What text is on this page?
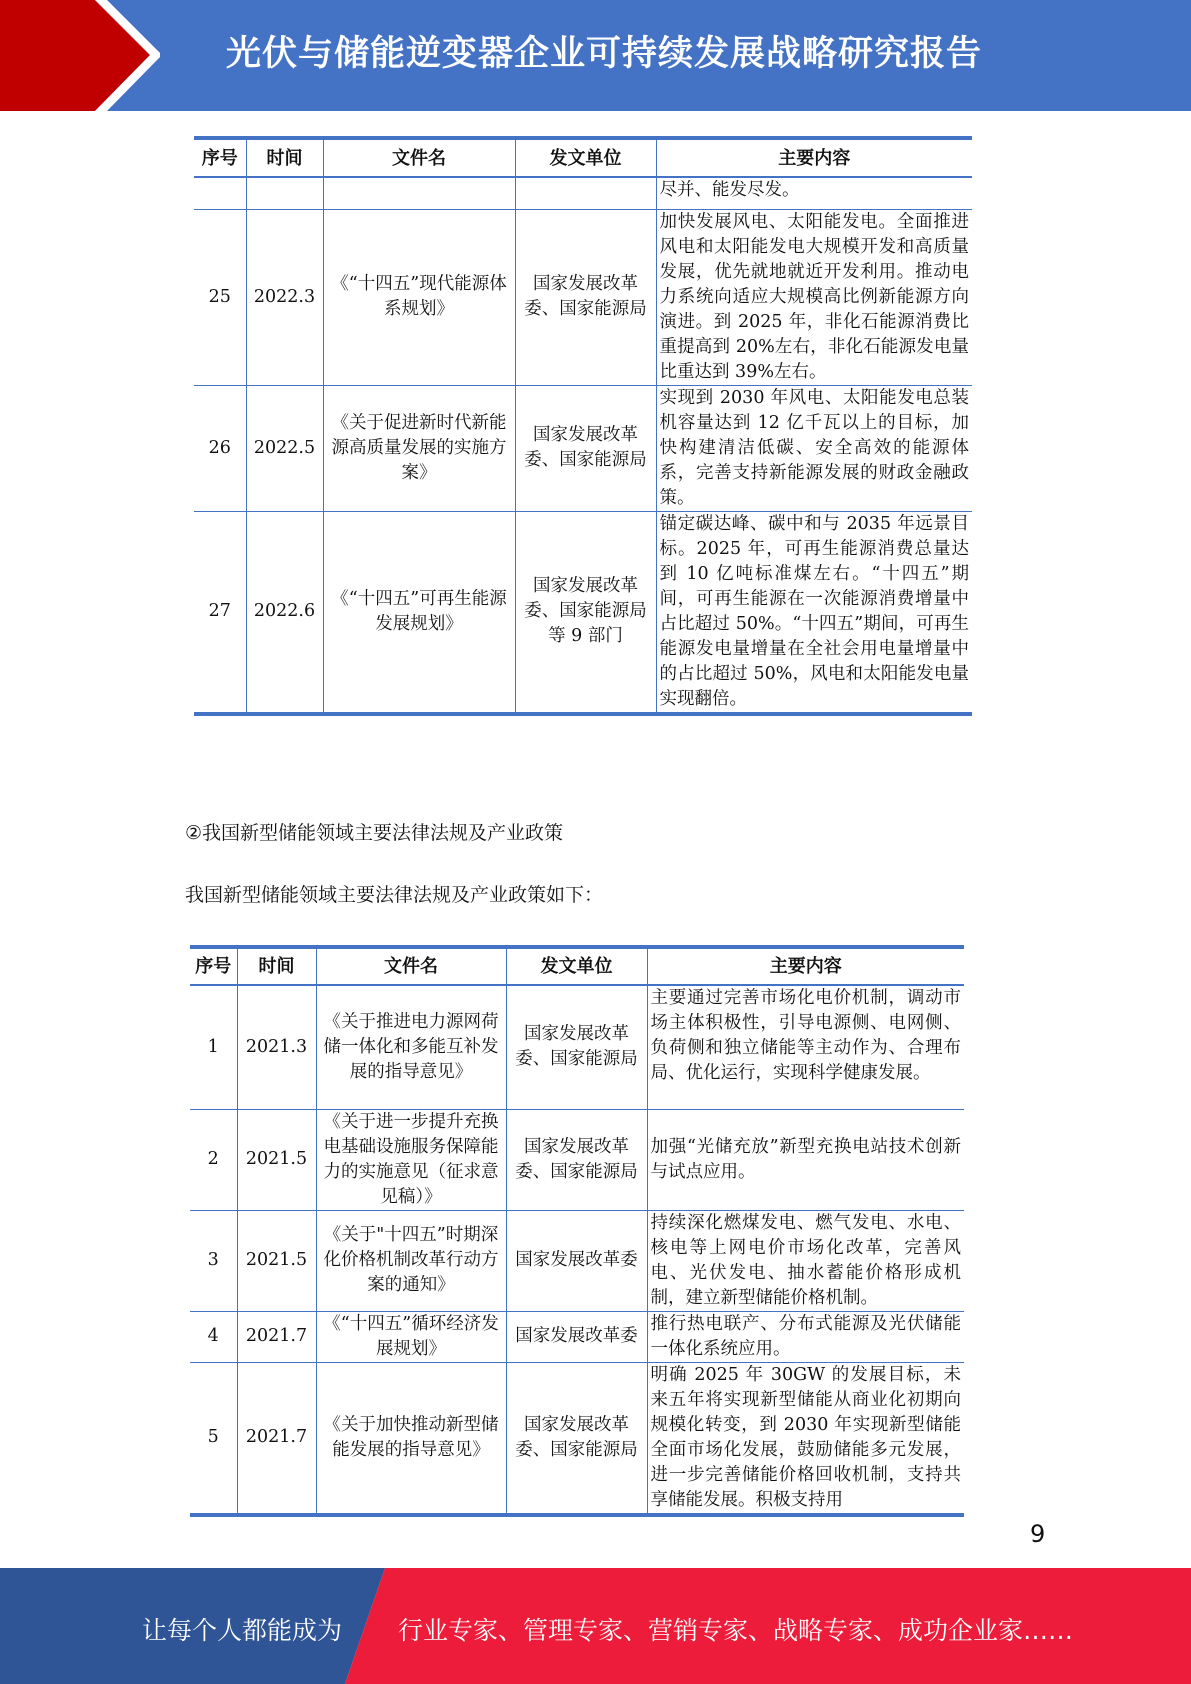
光伏与储能逆变器企业可持续发展战略研究报告
序号	时间	文件名	发文单位	主要内容
				尽并、能发尽发。
25	2022.3	《“十四五”现代能源体系规划》	国家发展改革委、国家能源局	加快发展风电、太阳能发电。全面推进风电和太阳能发电大规模开发和高质量发展，优先就地就近开发利用。推动电力系统向适应大规模高比例新能源方向演进。到 2025 年，非化石能源消费比重提高到 20%左右，非化石能源发电量比重达到 39%左右。
26	2022.5	《关于促进新时代新能源高质量发展的实施方案》	国家发展改革委、国家能源局	实现到 2030 年风电、太阳能发电总装机容量达到 12 亿千瓦以上的目标，加快构建清洁低碳、安全高效的能源体系，完善支持新能源发展的财政金融政策。
27	2022.6	《“十四五”可再生能源发展规划》	国家发展改革委、国家能源局等 9 部门	锚定碳达峰、碳中和与 2035 年远景目标。2025 年，可再生能源消费总量达到 10 亿吨标准煤左右。“十四五”期间，可再生能源在一次能源消费增量中占比超过 50%。“十四五”期间，可再生能源发电量增量在全社会用电量增量中的占比超过 50%，风电和太阳能发电量实现翻倍。
②我国新型储能领域主要法律法规及产业政策
我国新型储能领域主要法律法规及产业政策如下：
序号	时间	文件名	发文单位	主要内容
1	2021.3	《关于推进电力源网荷储一体化和多能互补发展的指导意见》	国家发展改革委、国家能源局	主要通过完善市场化电价机制，调动市场主体积极性，引导电源侧、电网侧、负荷侧和独立储能等主动作为、合理布局、优化运行，实现科学健康发展。
2	2021.5	《关于进一步提升充换电基础设施服务保障能力的实施意见（征求意见稿）》	国家发展改革委、国家能源局	加强“光储充放”新型充换电站技术创新与试点应用。
3	2021.5	《关于"十四五”时期深化价格机制改革行动方案的通知》	国家发展改革委	持续深化燃煤发电、燃气发电、水电、核电等上网电价市场化改革，完善风电、光伏发电、抽水蓄能价格形成机制，建立新型储能价格机制。
4	2021.7	《“十四五”循环经济发展规划》	国家发展改革委	推行热电联产、分布式能源及光伏储能一体化系统应用。
5	2021.7	《关于加快推动新型储能发展的指导意见》	国家发展改革委、国家能源局	明确 2025 年 30GW 的发展目标，未来五年将实现新型储能从商业化初期向规模化转变，到 2030 年实现新型储能全面市场化发展，鼓励储能多元发展，进一步完善储能价格回收机制，支持共享储能发展。积极支持用
9
让每个人都能成为 行业专家、管理专家、营销专家、战略专家、成功企业家……
